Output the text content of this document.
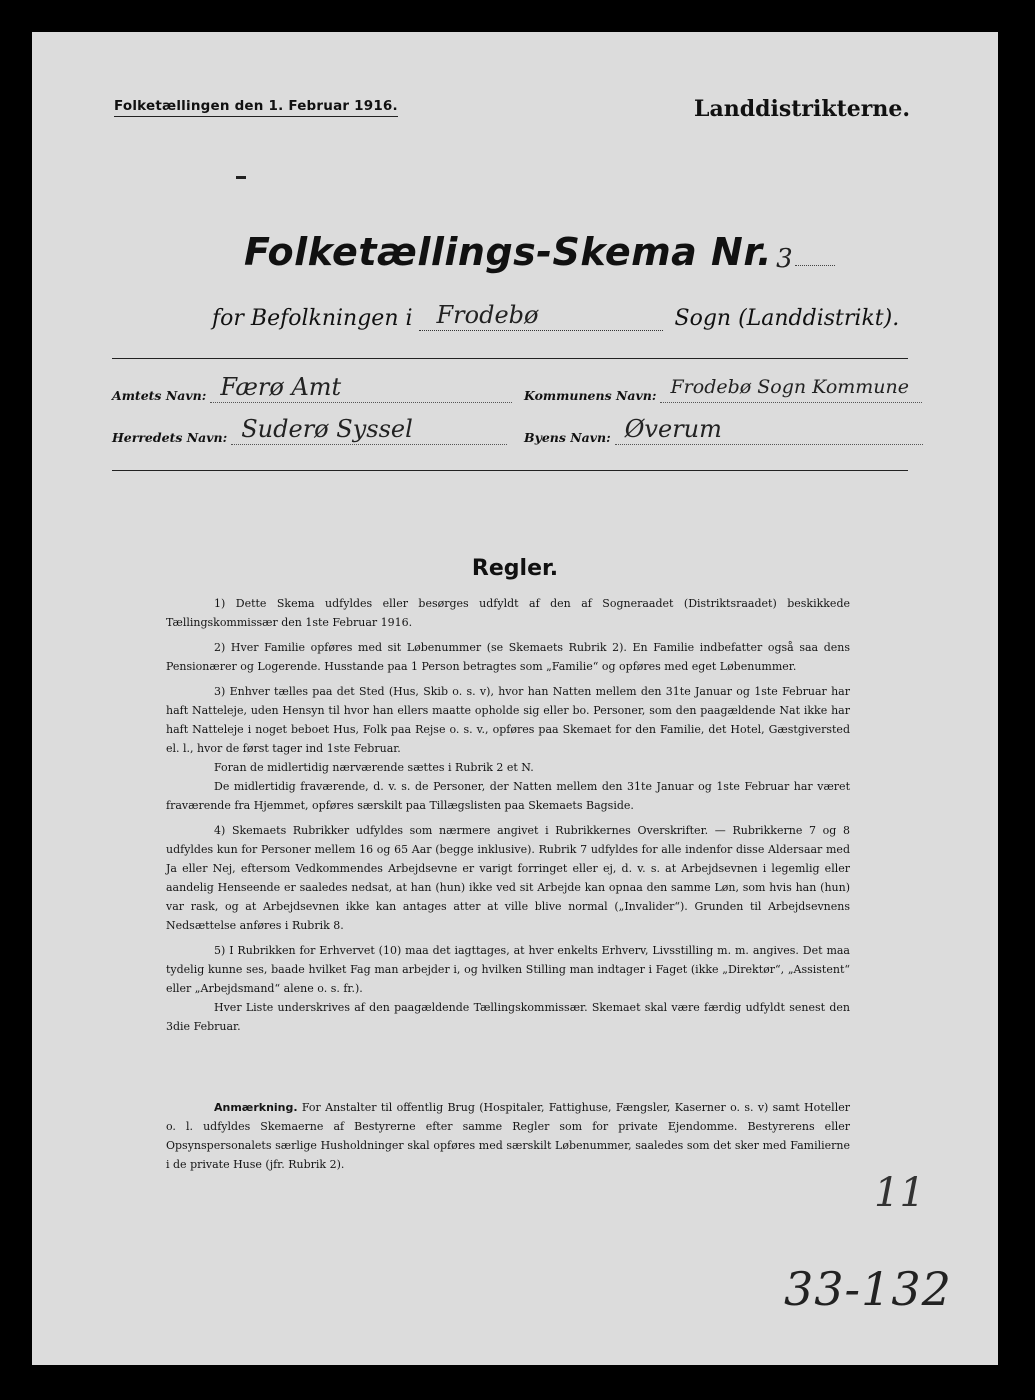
Folketællingen den 1. Februar 1916.	Landdistrikterne.
Folketællings-Skema Nr. 3
for Befolkningen i	Frodebø	Sogn (Landdistrikt).
Amtets Navn: Færø Amt	Kommunens Navn: Frodebø Sogn Kommune
Herredets Navn: Suderø Syssel	Byens Navn: Øverum
Regler.

1) Dette Skema udfyldes eller besørges udfyldt af den af Sogneraadet (Distriktsraadet) beskikkede Tællingskommissær den 1ste Februar 1916.

2) Hver Familie opføres med sit Løbenummer (se Skemaets Rubrik 2). En Familie indbefatter også saa dens Pensionærer og Logerende. Husstande paa 1 Person betragtes som „Familie“ og opføres med eget Løbenummer.

3) Enhver tælles paa det Sted (Hus, Skib o. s. v), hvor han Natten mellem den 31te Januar og 1ste Februar har haft Natteleje, uden Hensyn til hvor han ellers maatte opholde sig eller bo. Personer, som den paagældende Nat ikke har haft Natteleje i noget beboet Hus, Folk paa Rejse o. s. v., opføres paa Skemaet for den Familie, det Hotel, Gæstgiversted el. l., hvor de først tager ind 1ste Februar.

Foran de midlertidig nærværende sættes i Rubrik 2 et N.

De midlertidig fraværende, d. v. s. de Personer, der Natten mellem den 31te Januar og 1ste Februar har været fraværende fra Hjemmet, opføres særskilt paa Tillægslisten paa Skemaets Bagside.

4) Skemaets Rubrikker udfyldes som nærmere angivet i Rubrikkernes Overskrifter. — Rubrikkerne 7 og 8 udfyldes kun for Personer mellem 16 og 65 Aar (begge inklusive). Rubrik 7 udfyldes for alle indenfor disse Aldersaar med Ja eller Nej, eftersom Vedkommendes Arbejdsevne er varigt forringet eller ej, d. v. s. at Arbejdsevnen i legemlig eller aandelig Henseende er saaledes nedsat, at han (hun) ikke ved sit Arbejde kan opnaa den samme Løn, som hvis han (hun) var rask, og at Arbejdsevnen ikke kan antages atter at ville blive normal („Invalider“). Grunden til Arbejdsevnens Nedsættelse anføres i Rubrik 8.

5) I Rubrikken for Erhvervet (10) maa det iagttages, at hver enkelts Erhverv, Livsstilling m. m. angives. Det maa tydelig kunne ses, baade hvilket Fag man arbejder i, og hvilken Stilling man indtager i Faget (ikke „Direktør“, „Assistent“ eller „Arbejdsmand“ alene o. s. fr.).

Hver Liste underskrives af den paagældende Tællingskommissær. Skemaet skal være færdig udfyldt senest den 3die Februar.

Anmærkning. For Anstalter til offentlig Brug (Hospitaler, Fattighuse, Fængsler, Kaserner o. s. v) samt Hoteller o. l. udfyldes Skemaerne af Bestyrerne efter samme Regler som for private Ejendomme. Bestyrerens eller Opsynspersonalets særlige Husholdninger skal opføres med særskilt Løbenummer, saaledes som det sker med Familierne i de private Huse (jfr. Rubrik 2).

11
33-132
